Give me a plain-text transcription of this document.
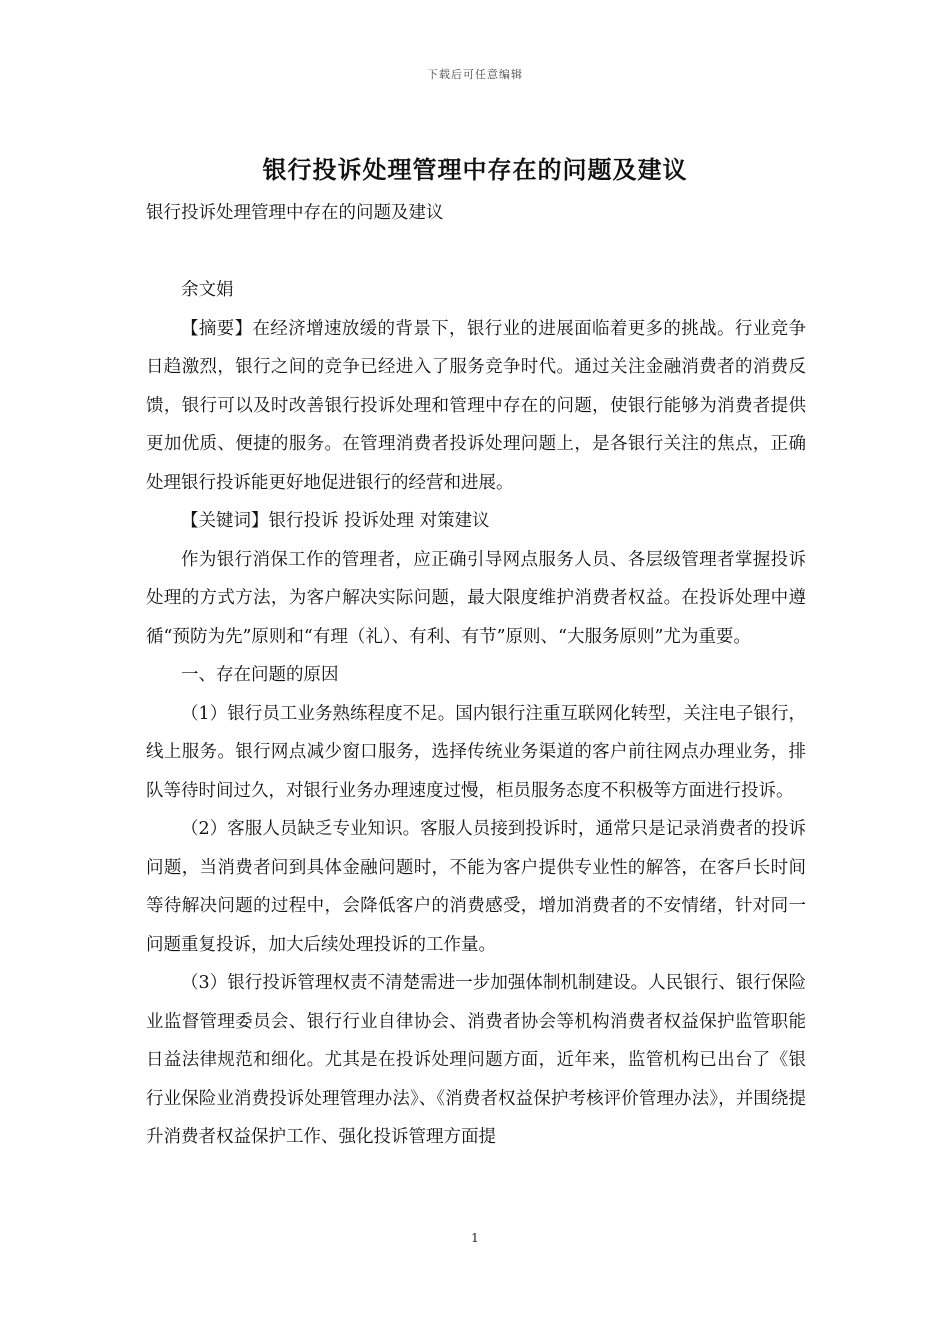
下载后可任意编辑
银行投诉处理管理中存在的问题及建议

银行投诉处理管理中存在的问题及建议

余文娟

【摘要】在经济增速放缓的背景下，银行业的进展面临着更多的挑战。行业竞争日趋激烈，银行之间的竞争已经进入了服务竞争时代。通过关注金融消费者的消费反馈，银行可以及时改善银行投诉处理和管理中存在的问题，使银行能够为消费者提供更加优质、便捷的服务。在管理消费者投诉处理问题上，是各银行关注的焦点，正确处理银行投诉能更好地促进银行的经营和进展。

【关键词】银行投诉 投诉处理 对策建议

作为银行消保工作的管理者，应正确引导网点服务人员、各层级管理者掌握投诉处理的方式方法，为客户解决实际问题，最大限度维护消费者权益。在投诉处理中遵循“预防为先”原则和“有理（礼）、有利、有节”原则、“大服务原则”尤为重要。

一、存在问题的原因

（1）银行员工业务熟练程度不足。国内银行注重互联网化转型，关注电子银行，线上服务。银行网点减少窗口服务，选择传统业务渠道的客户前往网点办理业务，排队等待时间过久，对银行业务办理速度过慢，柜员服务态度不积极等方面进行投诉。

（2）客服人员缺乏专业知识。客服人员接到投诉时，通常只是记录消费者的投诉问题，当消费者问到具体金融问题时，不能为客户提供专业性的解答，在客戶长时间等待解决问题的过程中，会降低客户的消费感受，增加消费者的不安情绪，针对同一问题重复投诉，加大后续处理投诉的工作量。

（3）银行投诉管理权责不清楚需进一步加强体制机制建设。人民银行、银行保险业监督管理委员会、银行行业自律协会、消费者协会等机构消费者权益保护监管职能日益法律规范和细化。尤其是在投诉处理问题方面，近年来，监管机构已出台了《银行业保险业消费投诉处理管理办法》、《消费者权益保护考核评价管理办法》，并围绕提升消费者权益保护工作、强化投诉管理方面提

1
